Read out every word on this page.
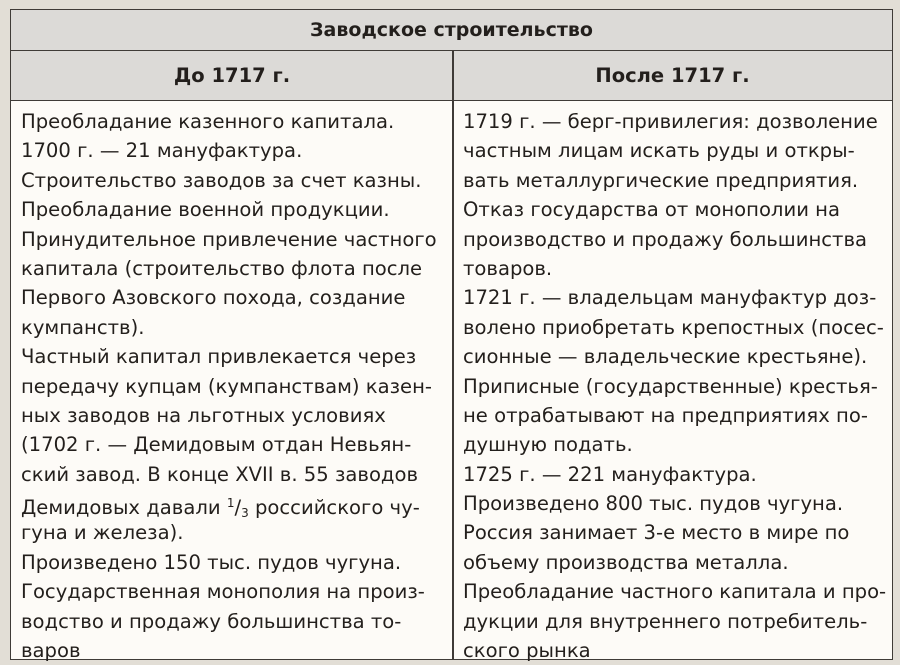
Заводское строительство
До 1717 г.	После 1717 г.
Преобладание казенного капитала.
1700 г. — 21 мануфактура.
Строительство заводов за счет казны.
Преобладание военной продукции.
Принудительное привлечение частного
капитала (строительство флота после
Первого Азовского похода, создание
кумпанств).
Частный капитал привлекается через
передачу купцам (кумпанствам) казен-
ных заводов на льготных условиях
(1702 г. — Демидовым отдан Невьян-
ский завод. В конце XVII в. 55 заводов
Демидовых давали $^1/_3$ российского чу-
гуна и железа).
Произведено 150 тыс. пудов чугуна.
Государственная монополия на произ-
водство и продажу большинства то-
варов
1719 г. — берг-привилегия: дозволение
частным лицам искать руды и откры-
вать металлургические предприятия.
Отказ государства от монополии на
производство и продажу большинства
товаров.
1721 г. — владельцам мануфактур доз-
волено приобретать крепостных (посес-
сионные — владельческие крестьяне).
Приписные (государственные) крестья-
не отрабатывают на предприятиях по-
душную подать.
1725 г. — 221 мануфактура.
Произведено 800 тыс. пудов чугуна.
Россия занимает 3-е место в мире по
объему производства металла.
Преобладание частного капитала и про-
дукции для внутреннего потребитель-
ского рынка
